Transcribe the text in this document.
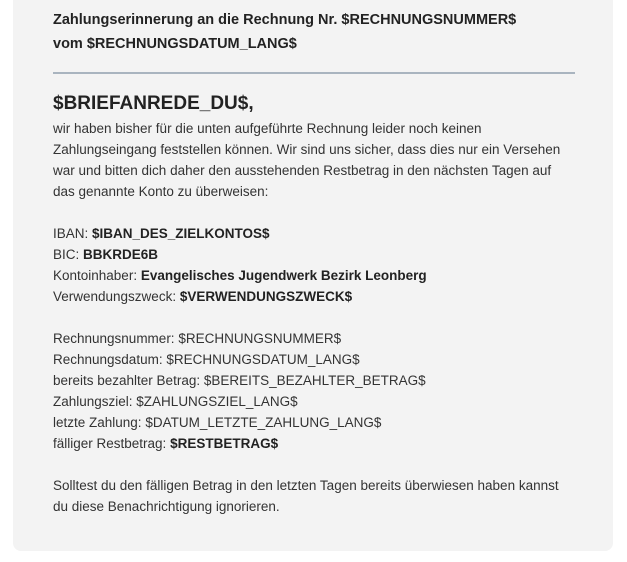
Zahlungserinnerung an die Rechnung Nr. $RECHNUNGSNUMMER$
vom $RECHNUNGSDATUM_LANG$
$BRIEFANREDE_DU$,

wir haben bisher für die unten aufgeführte Rechnung leider noch keinen Zahlungseingang feststellen können. Wir sind uns sicher, dass dies nur ein Versehen war und bitten dich daher den ausstehenden Restbetrag in den nächsten Tagen auf das genannte Konto zu überweisen:

IBAN: $IBAN_DES_ZIELKONTOS$
BIC: BBKRDE6B
Kontoinhaber: Evangelisches Jugendwerk Bezirk Leonberg
Verwendungszweck: $VERWENDUNGSZWECK$
Rechnungsnummer: $RECHNUNGSNUMMER$
Rechnungsdatum: $RECHNUNGSDATUM_LANG$
bereits bezahlter Betrag: $BEREITS_BEZAHLTER_BETRAG$
Zahlungsziel: $ZAHLUNGSZIEL_LANG$
letzte Zahlung: $DATUM_LETZTE_ZAHLUNG_LANG$
fälliger Restbetrag: $RESTBETRAG$

Solltest du den fälligen Betrag in den letzten Tagen bereits überwiesen haben kannst du diese Benachrichtigung ignorieren.
